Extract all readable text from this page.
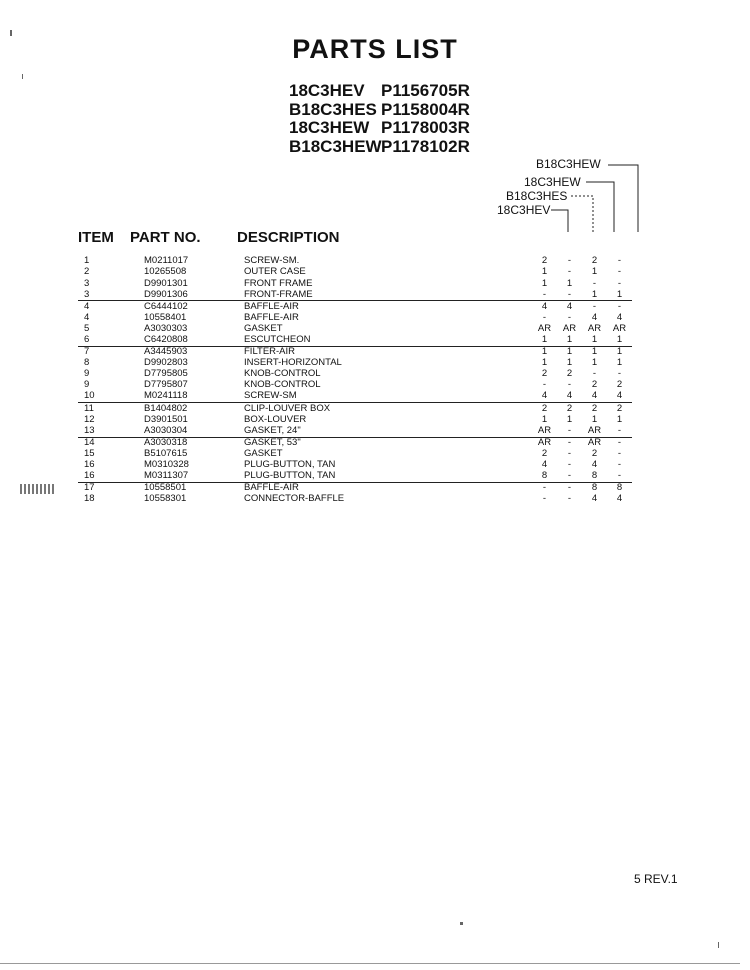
PARTS LIST
18C3HEV P1156705R
B18C3HES P1158004R
18C3HEW P1178003R
B18C3HEW P1178102R
B18C3HEW
18C3HEW
B18C3HES
18C3HEV
ITEM PART NO. DESCRIPTION
1	M0211017	SCREW-SM.	2	-	2	-
2	10265508	OUTER CASE	1	-	1	-
3	D9901301	FRONT FRAME	1	1	-	-
3	D9901306	FRONT-FRAME	-	-	1	1
4	C6444102	BAFFLE-AIR	4	4	-	-
4	10558401	BAFFLE-AIR	-	-	4	4
5	A3030303	GASKET	AR	AR	AR	AR
6	C6420808	ESCUTCHEON	1	1	1	1
7	A3445903	FILTER-AIR	1	1	1	1
8	D9902803	INSERT-HORIZONTAL	1	1	1	1
9	D7795805	KNOB-CONTROL	2	2	-	-
9	D7795807	KNOB-CONTROL	-	-	2	2
10	M0241118	SCREW-SM	4	4	4	4
11	B1404802	CLIP-LOUVER BOX	2	2	2	2
12	D3901501	BOX-LOUVER	1	1	1	1
13	A3030304	GASKET, 24"	AR	-	AR	-
14	A3030318	GASKET, 53"	AR	-	AR	-
15	B5107615	GASKET	2	-	2	-
16	M0310328	PLUG-BUTTON, TAN	4	-	4	-
16	M0311307	PLUG-BUTTON, TAN	8	-	8	-
17	10558501	BAFFLE-AIR	-	-	8	8
18	10558301	CONNECTOR-BAFFLE	-	-	4	4
5 REV.1
